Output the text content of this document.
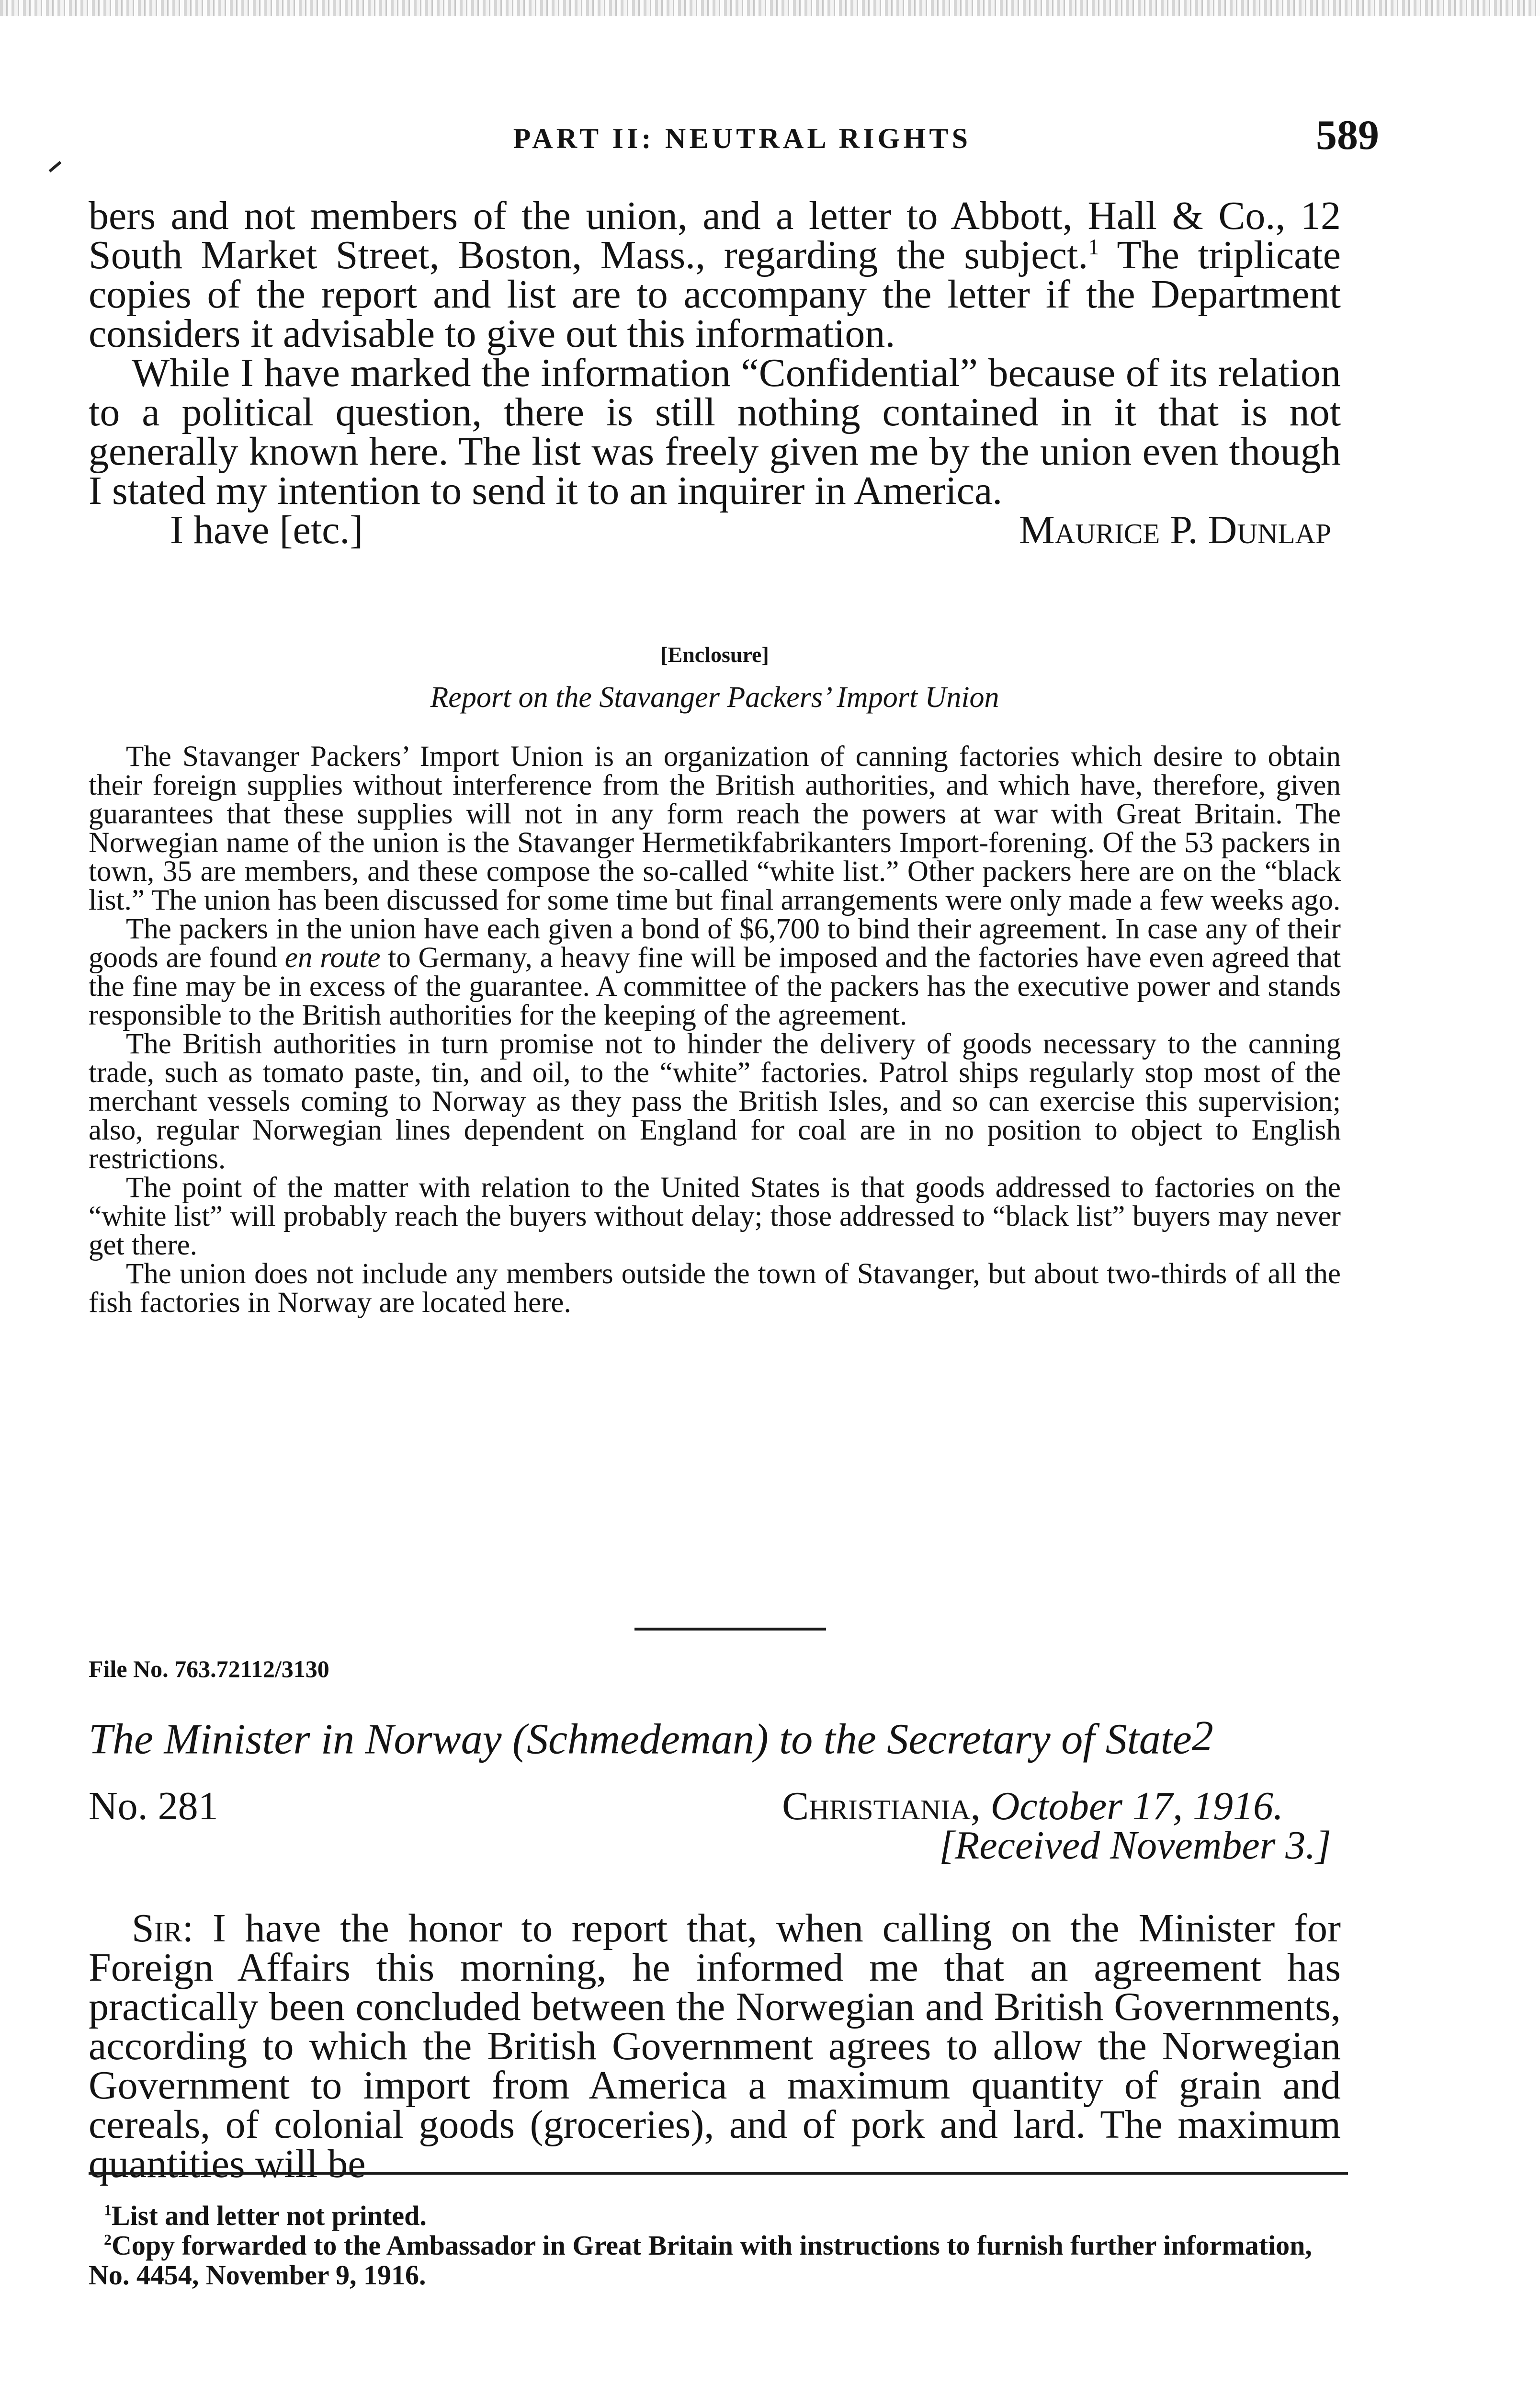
PART II: NEUTRAL RIGHTS	589

bers and not members of the union, and a letter to Abbott, Hall & Co., 12 South Market Street, Boston, Mass., regarding the subject.$^1$ The triplicate copies of the report and list are to accompany the letter if the Department considers it advisable to give out this information.

While I have marked the information “Confidential” because of its relation to a political question, there is still nothing contained in it that is not generally known here. The list was freely given me by the union even though I stated my intention to send it to an inquirer in America.

I have [etc.]	Maurice P. Dunlap
[Enclosure]
Report on the Stavanger Packers’ Import Union

The Stavanger Packers’ Import Union is an organization of canning factories which desire to obtain their foreign supplies without interference from the British authorities, and which have, therefore, given guarantees that these supplies will not in any form reach the powers at war with Great Britain. The Norwegian name of the union is the Stavanger Hermetikfabrikanters Import-forening. Of the 53 packers in town, 35 are members, and these compose the so-called “white list.” Other packers here are on the “black list.” The union has been discussed for some time but final arrangements were only made a few weeks ago.

The packers in the union have each given a bond of $6,700 to bind their agreement. In case any of their goods are found en route to Germany, a heavy fine will be imposed and the factories have even agreed that the fine may be in excess of the guarantee. A committee of the packers has the executive power and stands responsible to the British authorities for the keeping of the agreement.

The British authorities in turn promise not to hinder the delivery of goods necessary to the canning trade, such as tomato paste, tin, and oil, to the “white” factories. Patrol ships regularly stop most of the merchant vessels coming to Norway as they pass the British Isles, and so can exercise this supervision; also, regular Norwegian lines dependent on England for coal are in no position to object to English restrictions.

The point of the matter with relation to the United States is that goods addressed to factories on the “white list” will probably reach the buyers without delay; those addressed to “black list” buyers may never get there.

The union does not include any members outside the town of Stavanger, but about two-thirds of all the fish factories in Norway are located here.

File No. 763.72112/3130
The Minister in Norway (Schmedeman) to the Secretary of State$^2$
No. 281	Christiania, October 17, 1916.
[Received November 3.]

Sir: I have the honor to report that, when calling on the Minister for Foreign Affairs this morning, he informed me that an agreement has practically been concluded between the Norwegian and British Governments, according to which the British Government agrees to allow the Norwegian Government to import from America a maximum quantity of grain and cereals, of colonial goods (groceries), and of pork and lard. The maximum quantities will be

$^1$List and letter not printed.

$^2$Copy forwarded to the Ambassador in Great Britain with instructions to furnish further information, No. 4454, November 9, 1916.
